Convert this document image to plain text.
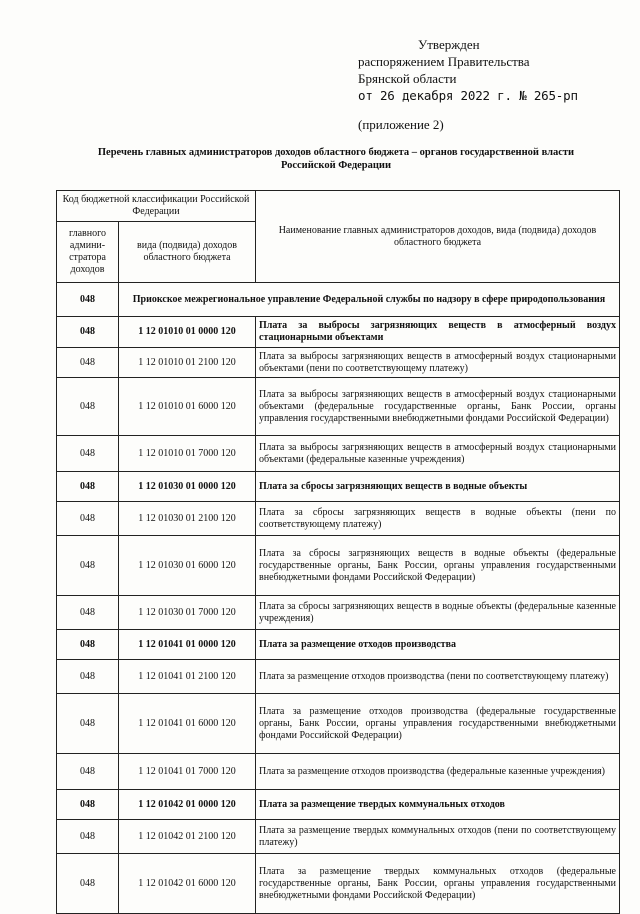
Утвержден
распоряжением Правительства
Брянской области
от 26 декабря 2022 г. № 265-рп
(приложение 2)
Перечень главных администраторов доходов областного бюджета – органов государственной власти
Российской Федерации
Код бюджетной классификации Российской Федерации		Наименование главных администраторов доходов, вида (подвида) доходов областного бюджета
главного админи-стратора доходов	вида (подвида) доходов областного бюджета	
048	Приокское межрегиональное управление Федеральной службы по надзору в сфере природопользования	
048	1 12 01010 01 0000 120	Плата за выбросы загрязняющих веществ в атмосферный воздух стационарными объектами
048	1 12 01010 01 2100 120	Плата за выбросы загрязняющих веществ в атмосферный воздух стационарными объектами (пени по соответствующему платежу)
048	1 12 01010 01 6000 120	Плата за выбросы загрязняющих веществ в атмосферный воздух стационарными объектами (федеральные государственные органы, Банк России, органы управления государственными внебюджетными фондами Российской Федерации)
048	1 12 01010 01 7000 120	Плата за выбросы загрязняющих веществ в атмосферный воздух стационарными объектами (федеральные казенные учреждения)
048	1 12 01030 01 0000 120	Плата за сбросы загрязняющих веществ в водные объекты
048	1 12 01030 01 2100 120	Плата за сбросы загрязняющих веществ в водные объекты (пени по соответствующему платежу)
048	1 12 01030 01 6000 120	Плата за сбросы загрязняющих веществ в водные объекты (федеральные государственные органы, Банк России, органы управления государственными внебюджетными фондами Российской Федерации)
048	1 12 01030 01 7000 120	Плата за сбросы загрязняющих веществ в водные объекты (федеральные казенные учреждения)
048	1 12 01041 01 0000 120	Плата за размещение отходов производства
048	1 12 01041 01 2100 120	Плата за размещение отходов производства (пени по соответствующему платежу)
048	1 12 01041 01 6000 120	Плата за размещение отходов производства (федеральные государственные органы, Банк России, органы управления государственными внебюджетными фондами Российской Федерации)
048	1 12 01041 01 7000 120	Плата за размещение отходов производства (федеральные казенные учреждения)
048	1 12 01042 01 0000 120	Плата за размещение твердых коммунальных отходов
048	1 12 01042 01 2100 120	Плата за размещение твердых коммунальных отходов (пени по соответствующему платежу)
048	1 12 01042 01 6000 120	Плата за размещение твердых коммунальных отходов (федеральные государственные органы, Банк России, органы управления государственными внебюджетными фондами Российской Федерации)
